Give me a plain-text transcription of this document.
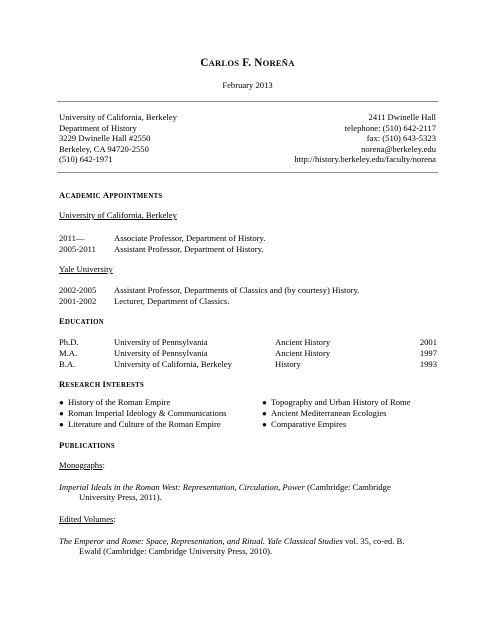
CARLOS F. NOREÑA
February 2013
University of California, Berkeley
Department of History
3229 Dwinelle Hall #2550
Berkeley, CA 94720-2550
(510) 642-1971
2411 Dwinelle Hall
telephone: (510) 642-2117
fax: (510) 643-5323
norena@berkeley.edu
http://history.berkeley.edu/faculty/norena
ACADEMIC APPOINTMENTS
University of California, Berkeley
2011—	Associate Professor, Department of History.
2005-2011 Assistant Professor, Department of History.
Yale University
2002-2005 Assistant Professor, Departments of Classics and (by courtesy) History.
2001-2002 Lecturer, Department of Classics.
EDUCATION
Ph.D.	University of Pennsylvania	Ancient History	2001
M.A.	University of Pennsylvania	Ancient History	1997
B.A.	University of California, Berkeley	History	1993
RESEARCH INTERESTS
● History of the Roman Empire
● Roman Imperial Ideology & Communications
● Literature and Culture of the Roman Empire
● Topography and Urban History of Rome
● Ancient Mediterranean Ecologies
● Comparative Empires
PUBLICATIONS
Monographs:
Imperial Ideals in the Roman West: Representation, Circulation, Power (Cambridge: Cambridge
University Press, 2011).
Edited Volumes:
The Emperor and Rome: Space, Representation, and Ritual. Yale Classical Studies vol. 35, co-ed. B.
Ewald (Cambridge: Cambridge University Press, 2010).
